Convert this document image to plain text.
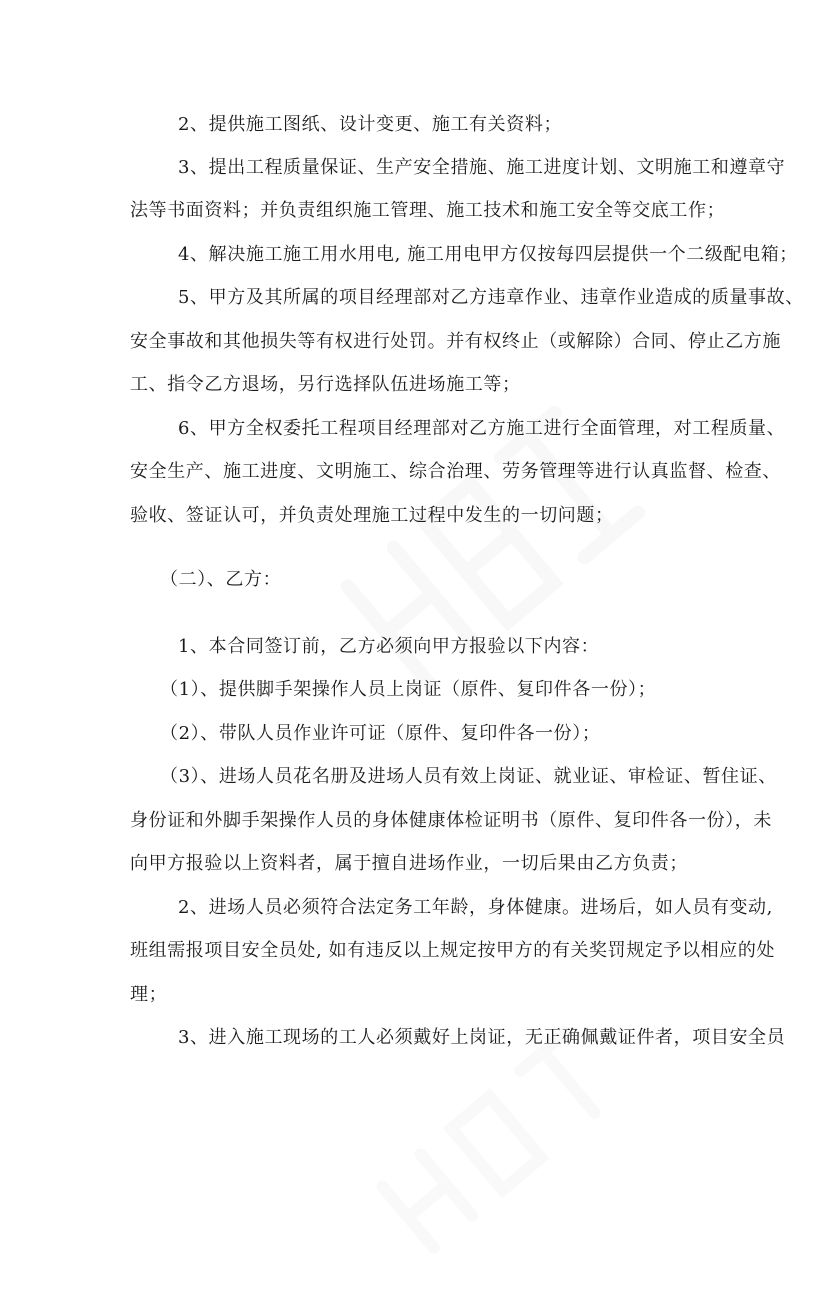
2、提供施工图纸、设计变更、施工有关资料；
3、提出工程质量保证、生产安全措施、施工进度计划、文明施工和遵章守
法等书面资料；并负责组织施工管理、施工技术和施工安全等交底工作；
4、解决施工施工用水用电, 施工用电甲方仅按每四层提供一个二级配电箱；
5、甲方及其所属的项目经理部对乙方违章作业、违章作业造成的质量事故、
安全事故和其他损失等有权进行处罚。并有权终止（或解除）合同、停止乙方施
工、指令乙方退场，另行选择队伍进场施工等；
6、甲方全权委托工程项目经理部对乙方施工进行全面管理，对工程质量、
安全生产、施工进度、文明施工、综合治理、劳务管理等进行认真监督、检查、
验收、签证认可，并负责处理施工过程中发生的一切问题；
（二）、乙方：
1、本合同签订前，乙方必须向甲方报验以下内容：
（1）、提供脚手架操作人员上岗证（原件、复印件各一份）；
（2）、带队人员作业许可证（原件、复印件各一份）；
（3）、进场人员花名册及进场人员有效上岗证、就业证、审检证、暂住证、
身份证和外脚手架操作人员的身体健康体检证明书（原件、复印件各一份），未
向甲方报验以上资料者，属于擅自进场作业，一切后果由乙方负责；
2、进场人员必须符合法定务工年龄，身体健康。进场后，如人员有变动,
班组需报项目安全员处, 如有违反以上规定按甲方的有关奖罚规定予以相应的处
理；
3、进入施工现场的工人必须戴好上岗证，无正确佩戴证件者，项目安全员
